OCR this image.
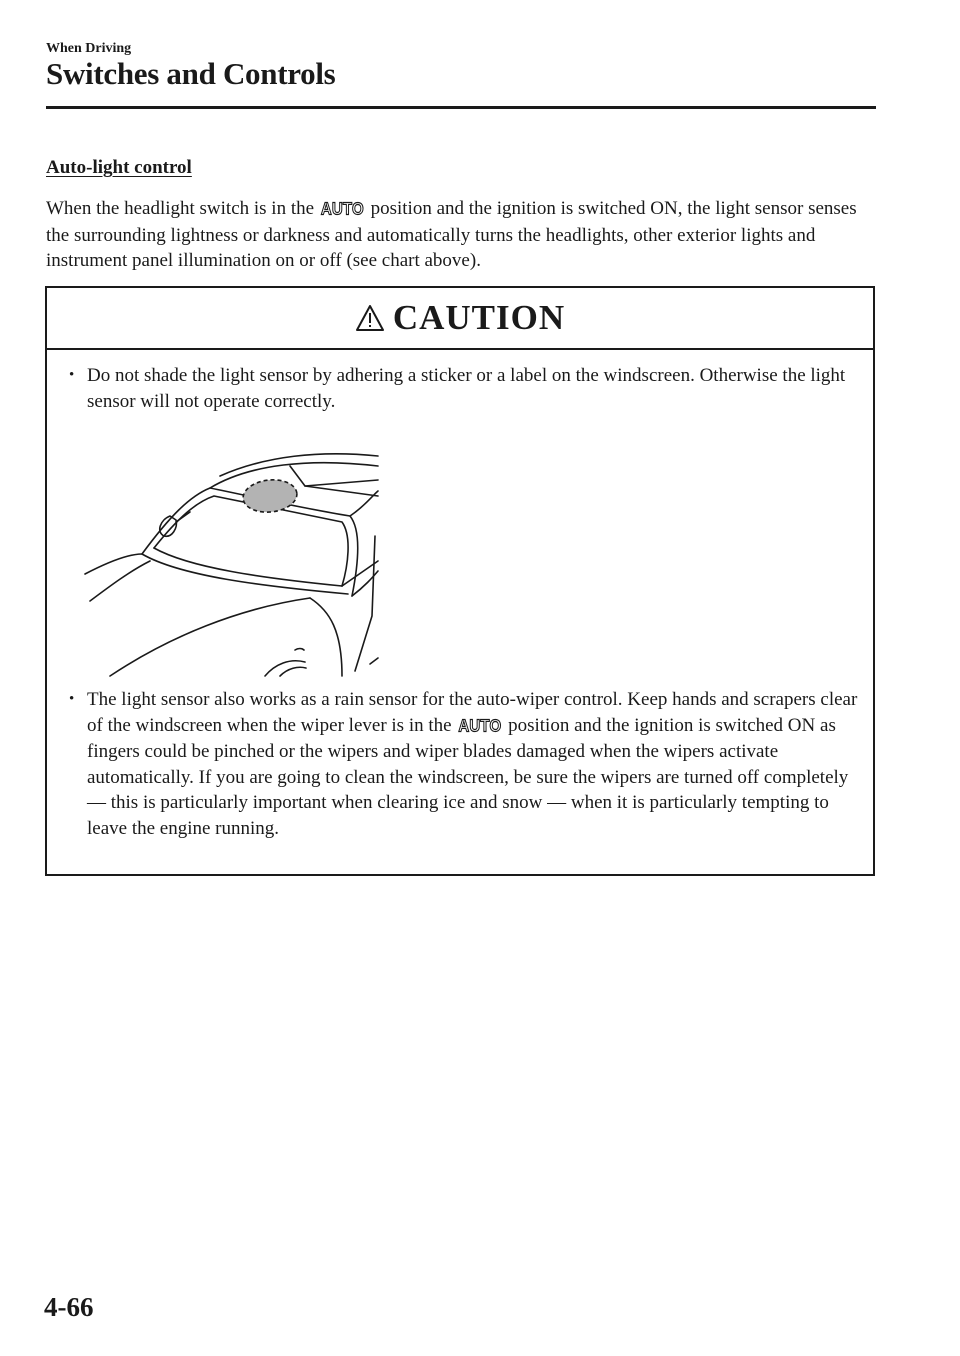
When Driving
Switches and Controls
Auto-light control

When the headlight switch is in the AUTO position and the ignition is switched ON, the light sensor senses the surrounding lightness or darkness and automatically turns the headlights, other exterior lights and instrument panel illumination on or off (see chart above).

CAUTION
• Do not shade the light sensor by adhering a sticker or a label on the windscreen. Otherwise the light sensor will not operate correctly.
• The light sensor also works as a rain sensor for the auto-wiper control. Keep hands and scrapers clear of the windscreen when the wiper lever is in the AUTO position and the ignition is switched ON as fingers could be pinched or the wipers and wiper blades damaged when the wipers activate automatically. If you are going to clean the windscreen, be sure the wipers are turned off completely — this is particularly important when clearing ice and snow — when it is particularly tempting to leave the engine running.
4-66
